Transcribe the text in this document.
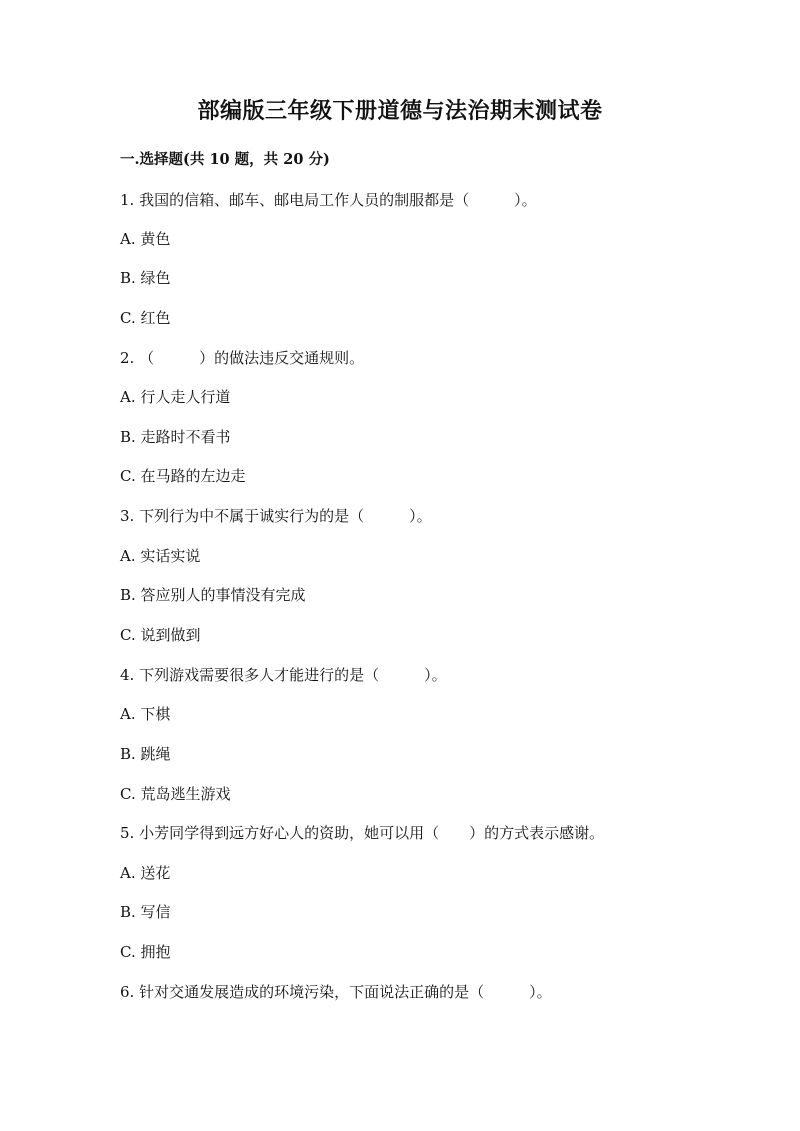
部编版三年级下册道德与法治期末测试卷
一.选择题(共 10 题，共 20 分)
1. 我国的信箱、邮车、邮电局工作人员的制服都是（　　　）。
A. 黄色
B. 绿色
C. 红色
2. （　　　）的做法违反交通规则。
A. 行人走人行道
B. 走路时不看书
C. 在马路的左边走
3. 下列行为中不属于诚实行为的是（　　　）。
A. 实话实说
B. 答应别人的事情没有完成
C. 说到做到
4. 下列游戏需要很多人才能进行的是（　　　）。
A. 下棋
B. 跳绳
C. 荒岛逃生游戏
5. 小芳同学得到远方好心人的资助，她可以用（　　）的方式表示感谢。
A. 送花
B. 写信
C. 拥抱
6. 针对交通发展造成的环境污染，下面说法正确的是（　　　）。
